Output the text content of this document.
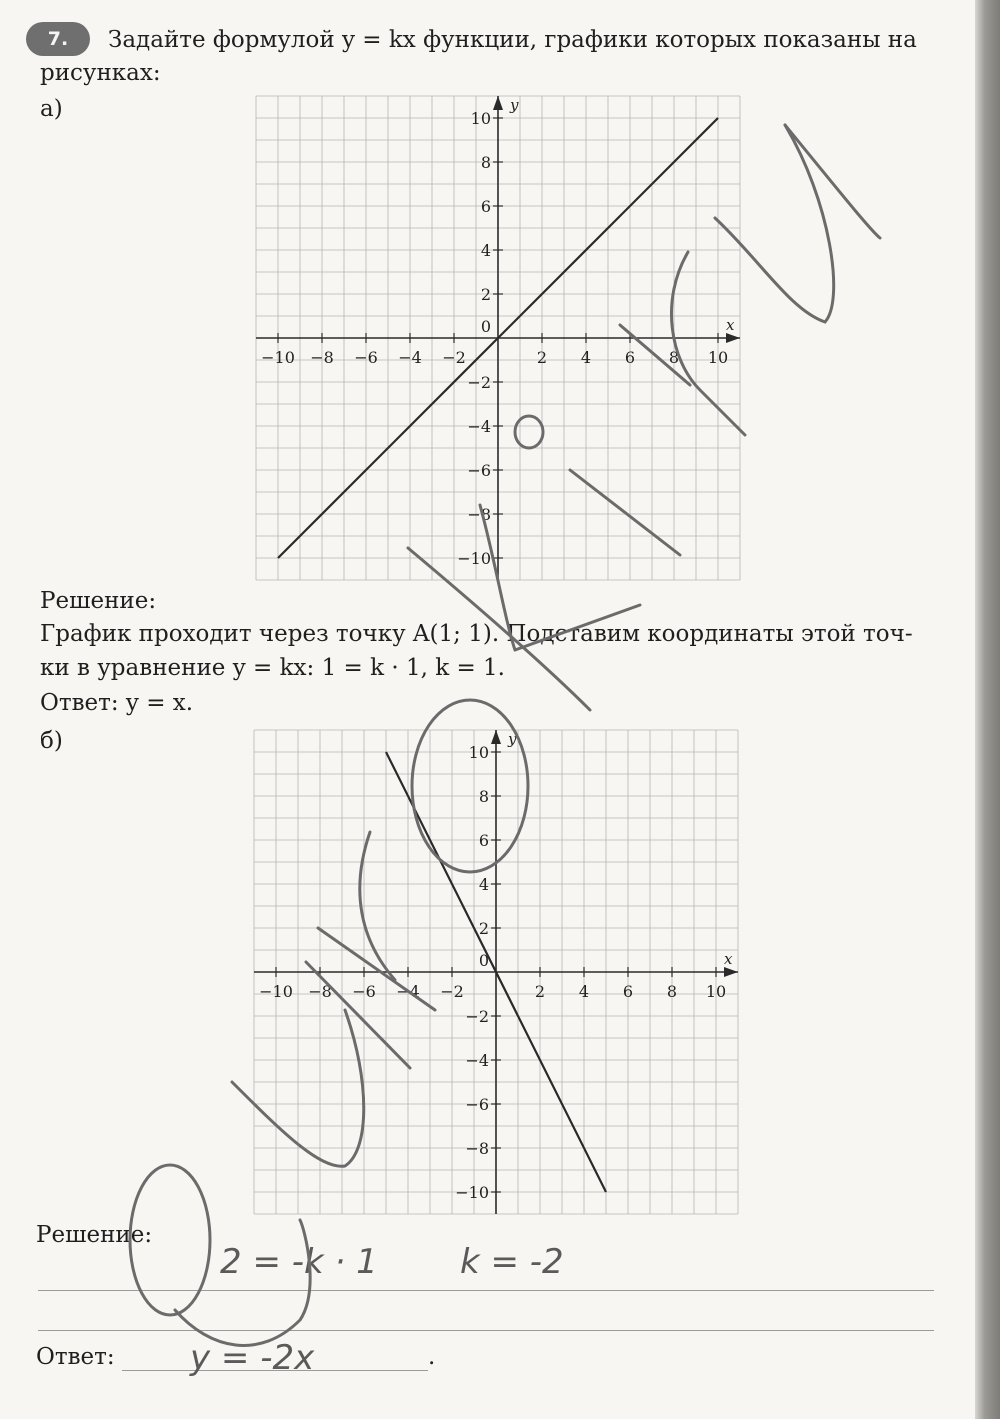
7.	Задайте формулой y = kx функции, графики которых показаны на рисунках:
а)
x
y
−10 −8 −6 −4 −2	2 4 6 8 10
10
8
6
4
2
−2
−4
−6
−8
−10
0
Решение:
График проходит через точку A(1; 1). Подставим координаты этой точ-
ки в уравнение y = kx: 1 = k · 1, k = 1.
Ответ: y = x.
б)
x
y
−10 −8 −6 −4 −2	2 4 6 8 10
10
8
6
4
2
−2
−4
−6
−8
−10
0
Решение:
Ответ:	.
2 = -k · 1 k = -2
y = -2x
